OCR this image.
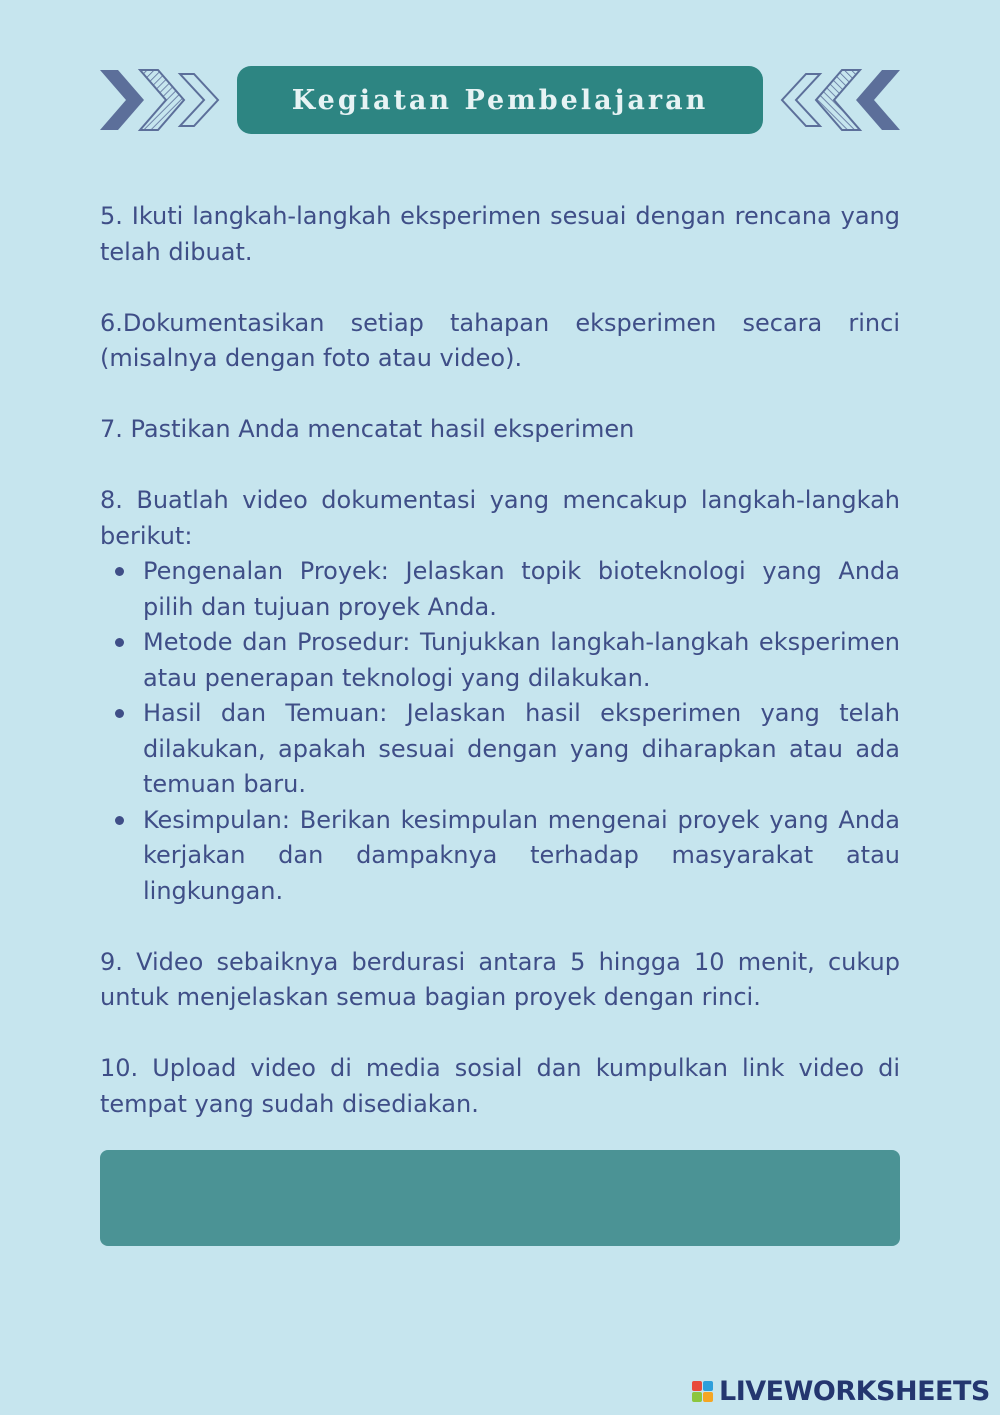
Kegiatan Pembelajaran

5. Ikuti langkah-langkah eksperimen sesuai dengan rencana yang telah dibuat.

6.Dokumentasikan setiap tahapan eksperimen secara rinci (misalnya dengan foto atau video).

7. Pastikan Anda mencatat hasil eksperimen

8. Buatlah video dokumentasi yang mencakup langkah-langkah berikut:

Pengenalan Proyek: Jelaskan topik bioteknologi yang Anda pilih dan tujuan proyek Anda.
Metode dan Prosedur: Tunjukkan langkah-langkah eksperimen atau penerapan teknologi yang dilakukan.
Hasil dan Temuan: Jelaskan hasil eksperimen yang telah dilakukan, apakah sesuai dengan yang diharapkan atau ada temuan baru.
Kesimpulan: Berikan kesimpulan mengenai proyek yang Anda kerjakan dan dampaknya terhadap masyarakat atau lingkungan.

9. Video sebaiknya berdurasi antara 5 hingga 10 menit, cukup untuk menjelaskan semua bagian proyek dengan rinci.

10. Upload video di media sosial dan kumpulkan link video di tempat yang sudah disediakan.

LIVEWORKSHEETS
